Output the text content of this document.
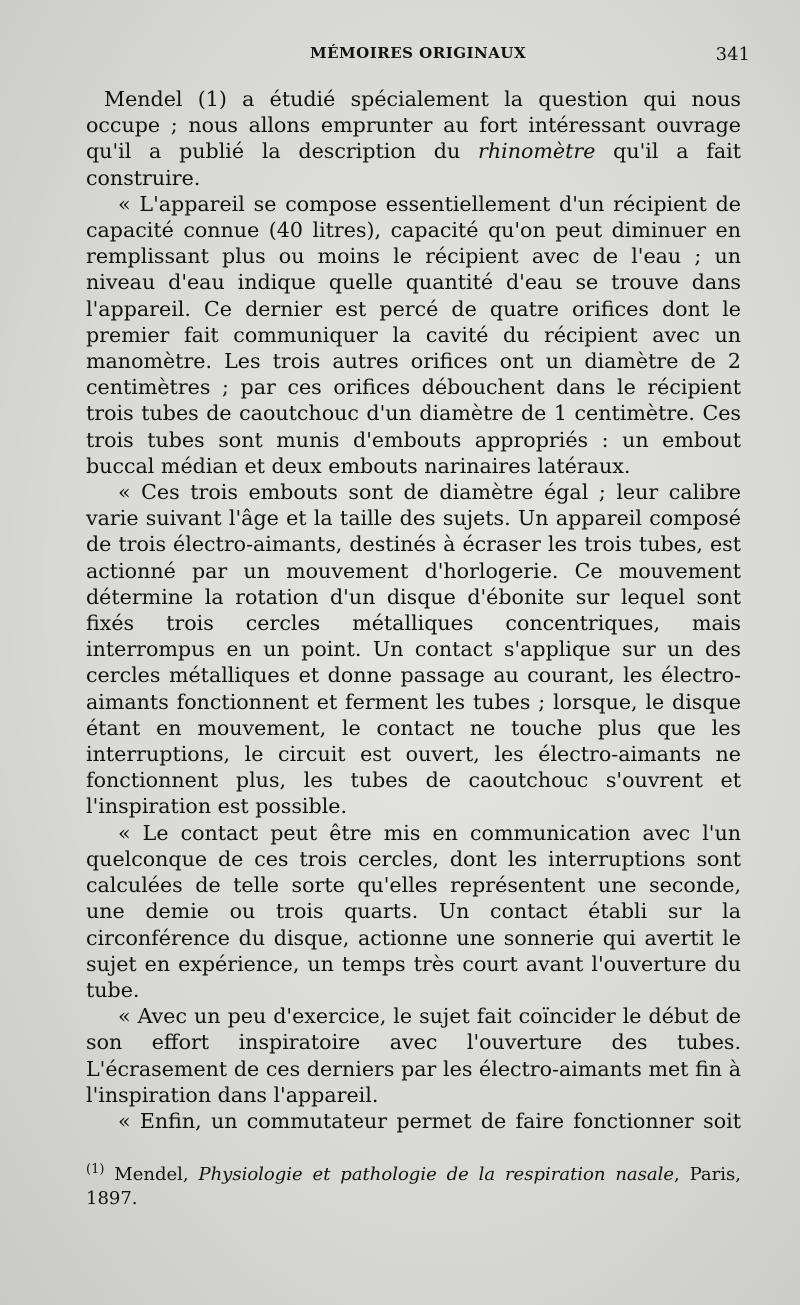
MÉMOIRES ORIGINAUX	341

Mendel (1) a étudié spécialement la question qui nous occupe ; nous allons emprunter au fort intéressant ouvrage qu'il a publié la description du rhinomètre qu'il a fait construire.

« L'appareil se compose essentiellement d'un récipient de capacité connue (40 litres), capacité qu'on peut diminuer en remplissant plus ou moins le récipient avec de l'eau ; un niveau d'eau indique quelle quantité d'eau se trouve dans l'appareil. Ce dernier est percé de quatre orifices dont le premier fait communiquer la cavité du récipient avec un manomètre. Les trois autres orifices ont un diamètre de 2 centimètres ; par ces orifices débouchent dans le récipient trois tubes de caoutchouc d'un diamètre de 1 centimètre. Ces trois tubes sont munis d'embouts appropriés : un embout buccal médian et deux embouts narinaires latéraux.

« Ces trois embouts sont de diamètre égal ; leur calibre varie suivant l'âge et la taille des sujets. Un appareil composé de trois électro-aimants, destinés à écraser les trois tubes, est actionné par un mouvement d'horlogerie. Ce mouvement détermine la rotation d'un disque d'ébonite sur lequel sont fixés trois cercles métalliques concentriques, mais interrompus en un point. Un contact s'applique sur un des cercles métalliques et donne passage au courant, les électro-aimants fonctionnent et ferment les tubes ; lorsque, le disque étant en mouvement, le contact ne touche plus que les interruptions, le circuit est ouvert, les électro-aimants ne fonctionnent plus, les tubes de caoutchouc s'ouvrent et l'inspiration est possible.

« Le contact peut être mis en communication avec l'un quelconque de ces trois cercles, dont les interruptions sont calculées de telle sorte qu'elles représentent une seconde, une demie ou trois quarts. Un contact établi sur la circonférence du disque, actionne une sonnerie qui avertit le sujet en expérience, un temps très court avant l'ouverture du tube.

« Avec un peu d'exercice, le sujet fait coïncider le début de son effort inspiratoire avec l'ouverture des tubes. L'écrasement de ces derniers par les électro-aimants met fin à l'inspiration dans l'appareil.

« Enfin, un commutateur permet de faire fonctionner soit

$^{(1)}$ Mendel, Physiologie et pathologie de la respiration nasale, Paris, 1897.
